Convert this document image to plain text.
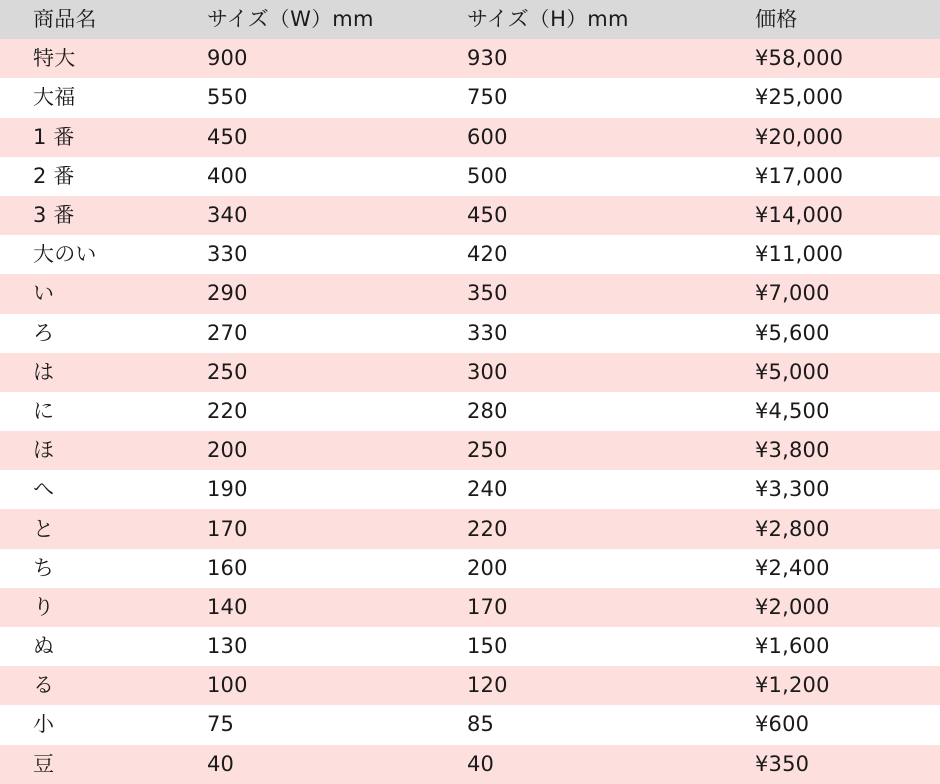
商品名	サイズ（W）mm	サイズ（H）mm	価格
特大	900	930	¥58,000
大福	550	750	¥25,000
1 番	450	600	¥20,000
2 番	400	500	¥17,000
3 番	340	450	¥14,000
大のい	330	420	¥11,000
い	290	350	¥7,000
ろ	270	330	¥5,600
は	250	300	¥5,000
に	220	280	¥4,500
ほ	200	250	¥3,800
へ	190	240	¥3,300
と	170	220	¥2,800
ち	160	200	¥2,400
り	140	170	¥2,000
ぬ	130	150	¥1,600
る	100	120	¥1,200
小	75	85	¥600
豆	40	40	¥350
